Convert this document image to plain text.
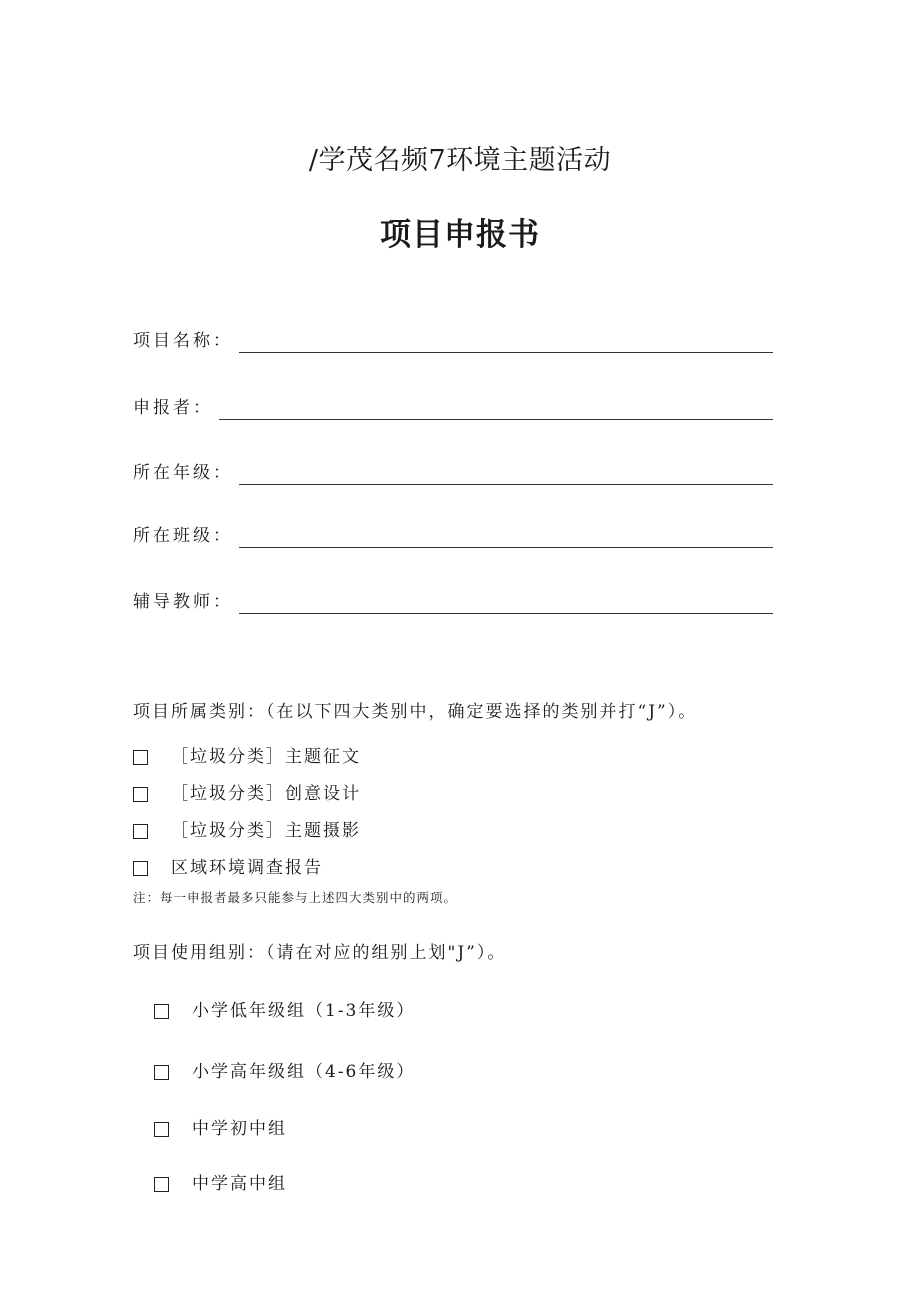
/学茂名频7环境主题活动
项目申报书
项目名称：
申报者：
所在年级：
所在班级：
辅导教师：
项目所属类别：（在以下四大类别中，确定要选择的类别并打“J”）。
［垃圾分类］主题征文
［垃圾分类］创意设计
［垃圾分类］主题摄影
区域环境调查报告
注：每一申报者最多只能参与上述四大类别中的两项。
项目使用组别：（请在对应的组别上划"J”）。
小学低年级组（1-3年级）
小学高年级组（4-6年级）
中学初中组
中学高中组
